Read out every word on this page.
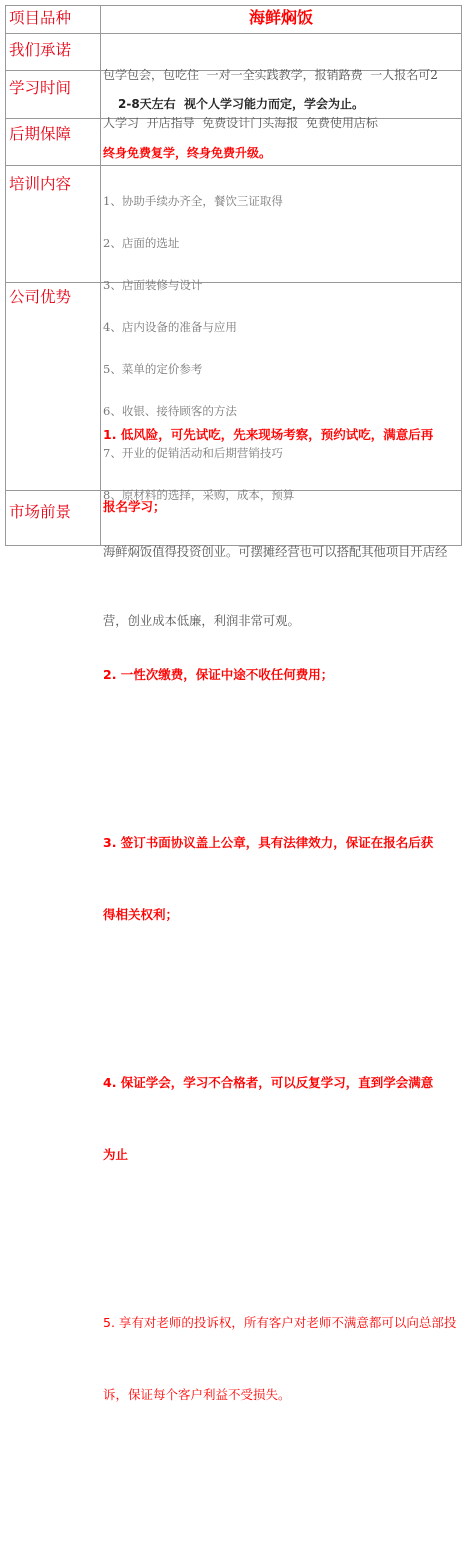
项目品种	海鲜焖饭
我们承诺

包学包会，包吃住  一对一全实践教学，报销路费  一人报名可2

人学习  开店指导  免费设计门头海报  免费使用店标

学习时间
2-8天左右  视个人学习能力而定，学会为止。
后期保障
终身免费复学，终身免费升级。
培训内容

1、协助手续办齐全，餐饮三证取得

2、店面的选址

3、店面装修与设计

4、店内设备的准备与应用

5、菜单的定价参考

6、收银、接待顾客的方法

7、开业的促销活动和后期营销技巧

8、原材料的选择，采购，成本，预算

公司优势

1. 低风险，可先试吃，先来现场考察，预约试吃，满意后再

报名学习；

2. 一性次缴费，保证中途不收任何费用；

3. 签订书面协议盖上公章，具有法律效力，保证在报名后获

得相关权利；

4. 保证学会，学习不合格者，可以反复学习，直到学会满意

为止

5. 享有对老师的投诉权，所有客户对老师不满意都可以向总部投

诉，保证每个客户利益不受损失。

市场前景

海鲜焖饭值得投资创业。可摆摊经营也可以搭配其他项目开店经

营，创业成本低廉，利润非常可观。
